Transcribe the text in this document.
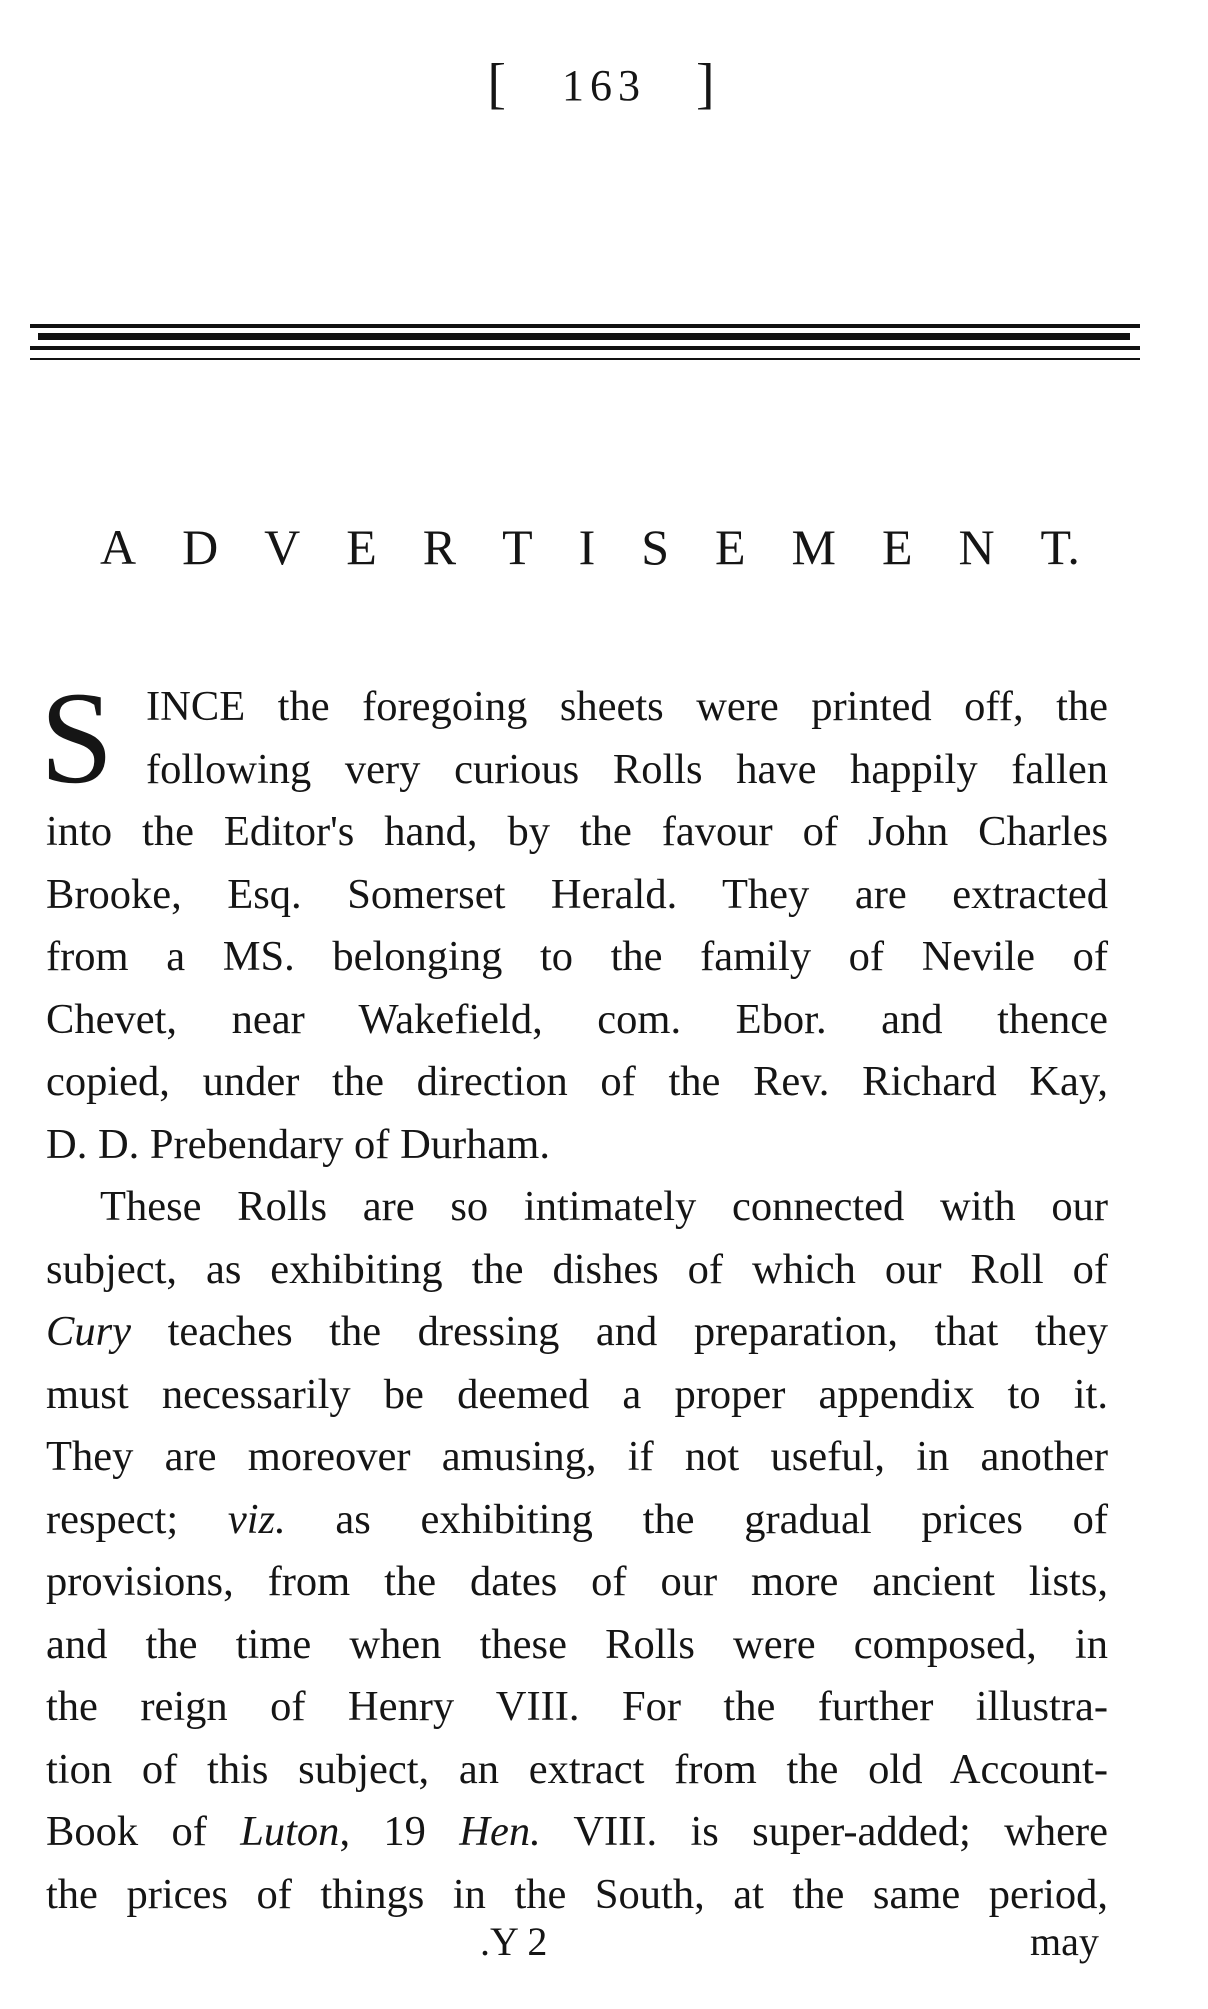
[ 163 ]
A D V E R T I S E M E N T.
S INCE the foregoing sheets were printed off, the
following very curious Rolls have happily fallen
into the Editor's hand, by the favour of John Charles
Brooke, Esq. Somerset Herald. They are extracted
from a MS. belonging to the family of Nevile of
Chevet, near Wakefield, com. Ebor. and thence
copied, under the direction of the Rev. Richard Kay,
D. D. Prebendary of Durham.
These Rolls are so intimately connected with our
subject, as exhibiting the dishes of which our Roll of
Cury teaches the dressing and preparation, that they
must necessarily be deemed a proper appendix to it.
They are moreover amusing, if not useful, in another
respect; viz. as exhibiting the gradual prices of
provisions, from the dates of our more ancient lists,
and the time when these Rolls were composed, in
the reign of Henry VIII. For the further illustra-
tion of this subject, an extract from the old Account-
Book of Luton, 19 Hen. VIII. is super-added; where
the prices of things in the South, at the same period,
.Y 2	may
